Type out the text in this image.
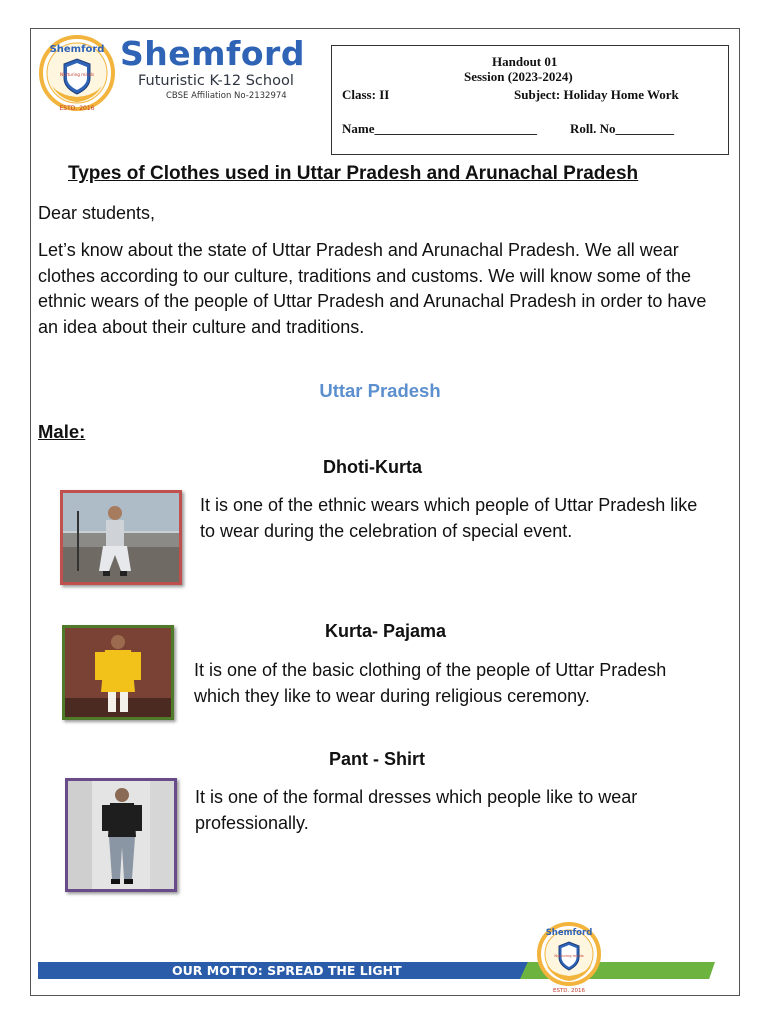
Nurturing minds
Shemford
ESTD. 2016
Shemford
Futuristic K-12 School
CBSE Affiliation No-2132974
Handout 01
Session (2023-2024)
Class: II	Subject: Holiday Home Work
Name_________________________	Roll. No_________
Types of Clothes used in Uttar Pradesh and Arunachal Pradesh
Dear students,
Let’s know about the state of Uttar Pradesh and Arunachal Pradesh. We all wear clothes according to our culture, traditions and customs. We will know some of the ethnic wears of the people of Uttar Pradesh and Arunachal Pradesh in order to have an idea about their culture and traditions.
Uttar Pradesh
Male:
Dhoti-Kurta
It is one of the ethnic wears which people of Uttar Pradesh like to wear during the celebration of special event.
Kurta- Pajama
It is one of the basic clothing of the people of Uttar Pradesh which they like to wear during religious ceremony.
Pant - Shirt
It is one of the formal dresses which people like to wear professionally.
OUR MOTTO: SPREAD THE LIGHT
Nurturing minds
Shemford
ESTD. 2016
